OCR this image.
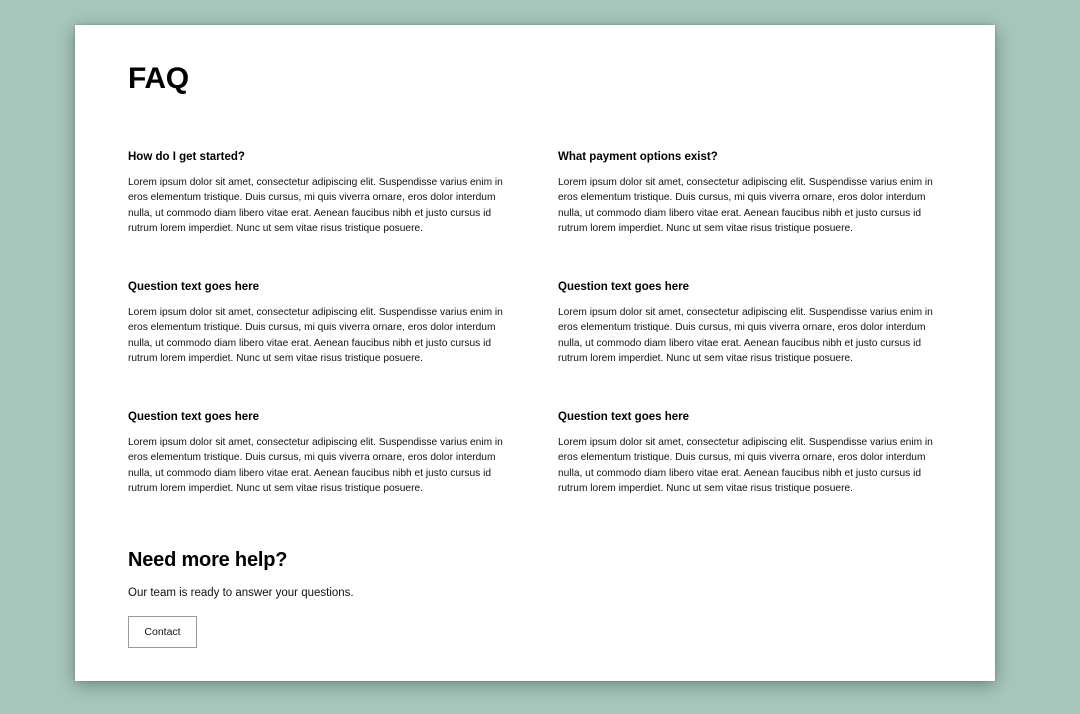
FAQ
How do I get started?

Lorem ipsum dolor sit amet, consectetur adipiscing elit. Suspendisse varius enim in eros elementum tristique. Duis cursus, mi quis viverra ornare, eros dolor interdum nulla, ut commodo diam libero vitae erat. Aenean faucibus nibh et justo cursus id rutrum lorem imperdiet. Nunc ut sem vitae risus tristique posuere.

What payment options exist?

Lorem ipsum dolor sit amet, consectetur adipiscing elit. Suspendisse varius enim in eros elementum tristique. Duis cursus, mi quis viverra ornare, eros dolor interdum nulla, ut commodo diam libero vitae erat. Aenean faucibus nibh et justo cursus id rutrum lorem imperdiet. Nunc ut sem vitae risus tristique posuere.

Question text goes here

Lorem ipsum dolor sit amet, consectetur adipiscing elit. Suspendisse varius enim in eros elementum tristique. Duis cursus, mi quis viverra ornare, eros dolor interdum nulla, ut commodo diam libero vitae erat. Aenean faucibus nibh et justo cursus id rutrum lorem imperdiet. Nunc ut sem vitae risus tristique posuere.

Question text goes here

Lorem ipsum dolor sit amet, consectetur adipiscing elit. Suspendisse varius enim in eros elementum tristique. Duis cursus, mi quis viverra ornare, eros dolor interdum nulla, ut commodo diam libero vitae erat. Aenean faucibus nibh et justo cursus id rutrum lorem imperdiet. Nunc ut sem vitae risus tristique posuere.

Question text goes here

Lorem ipsum dolor sit amet, consectetur adipiscing elit. Suspendisse varius enim in eros elementum tristique. Duis cursus, mi quis viverra ornare, eros dolor interdum nulla, ut commodo diam libero vitae erat. Aenean faucibus nibh et justo cursus id rutrum lorem imperdiet. Nunc ut sem vitae risus tristique posuere.

Question text goes here

Lorem ipsum dolor sit amet, consectetur adipiscing elit. Suspendisse varius enim in eros elementum tristique. Duis cursus, mi quis viverra ornare, eros dolor interdum nulla, ut commodo diam libero vitae erat. Aenean faucibus nibh et justo cursus id rutrum lorem imperdiet. Nunc ut sem vitae risus tristique posuere.

Need more help?

Our team is ready to answer your questions.

Contact
